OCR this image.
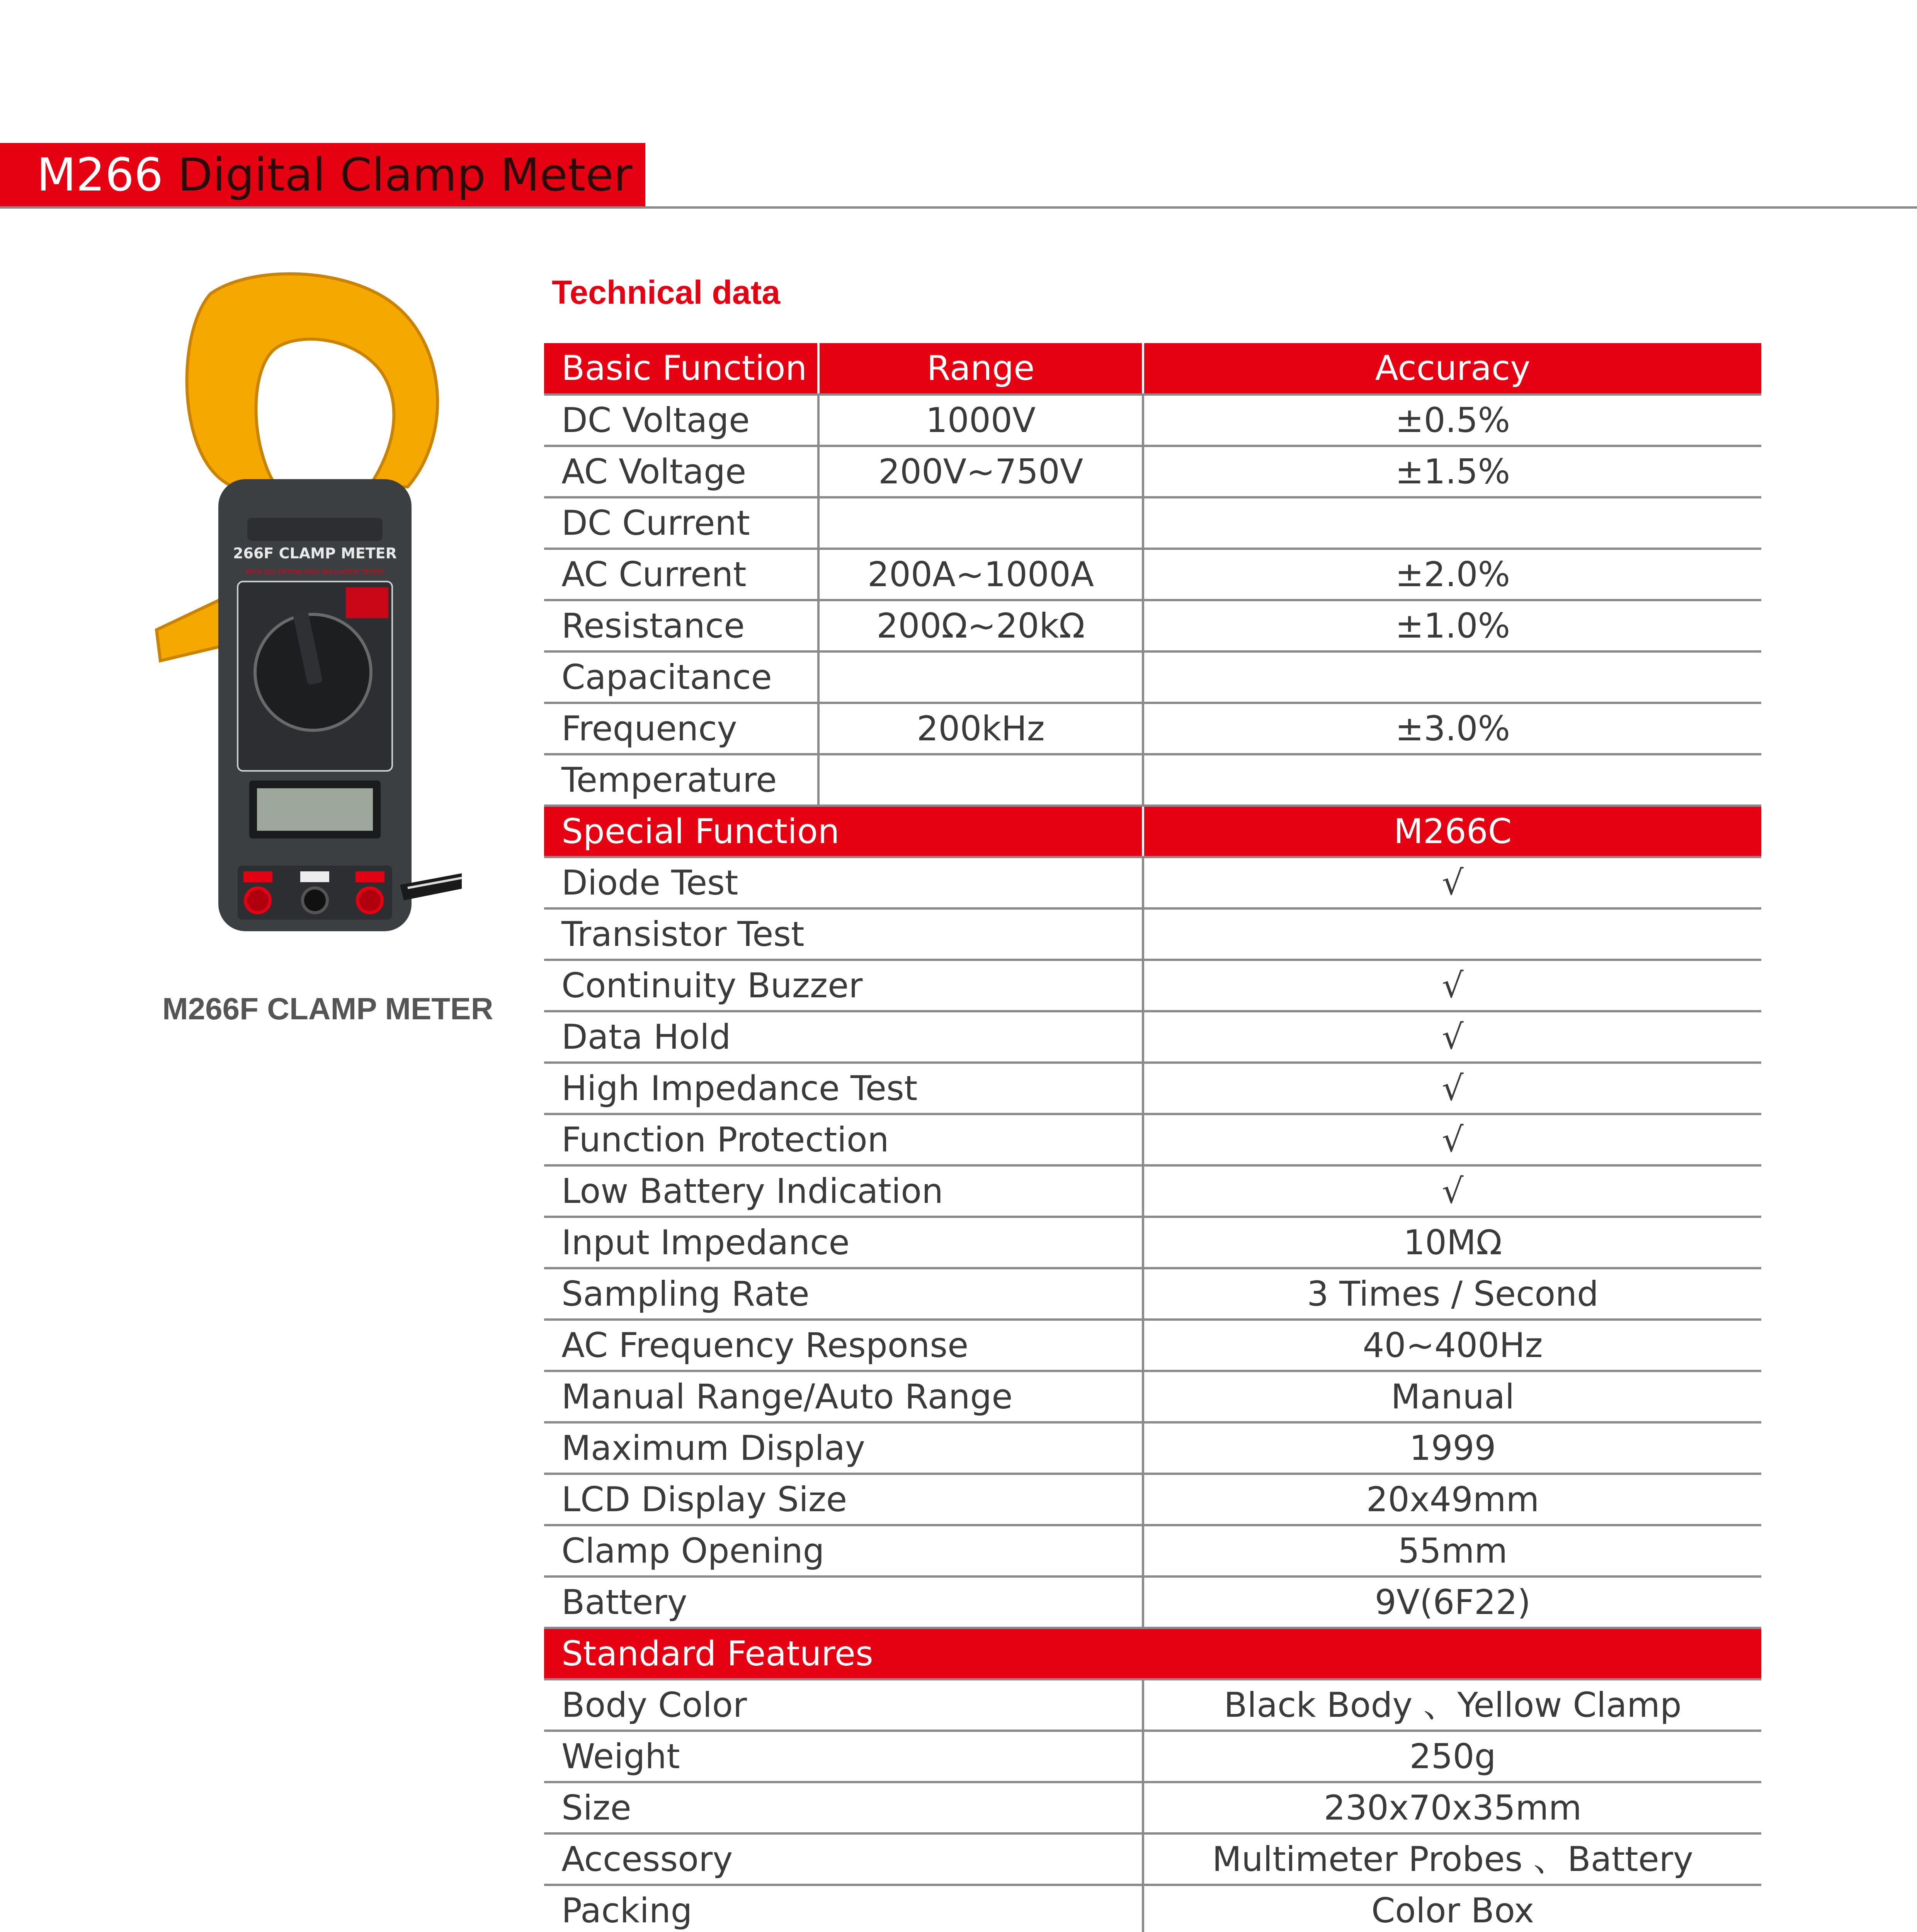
M266 Digital Clamp Meter
266F CLAMP METER
WITH 2KV OPTION 500V INSULATION TESTER
M266F CLAMP METER
Technical data
Basic Function	Range	Accuracy
DC Voltage	1000V	±0.5%
AC Voltage	200V~750V	±1.5%
DC Current		
AC Current	200A~1000A	±2.0%
Resistance	200Ω~20kΩ	±1.0%
Capacitance		
Frequency	200kHz	±3.0%
Temperature		
Special Function		M266C
Diode Test		√
Transistor Test		
Continuity Buzzer		√
Data Hold		√
High Impedance Test		√
Function Protection		√
Low Battery Indication		√
Input Impedance		10MΩ
Sampling Rate		3 Times / Second
AC Frequency Response		40~400Hz
Manual Range/Auto Range		Manual
Maximum Display		1999
LCD Display Size		20x49mm
Clamp Opening		55mm
Battery		9V(6F22)
Standard Features		
Body Color		Black Body 、Yellow Clamp
Weight		250g
Size		230x70x35mm
Accessory		Multimeter Probes 、Battery
Packing		Color Box
